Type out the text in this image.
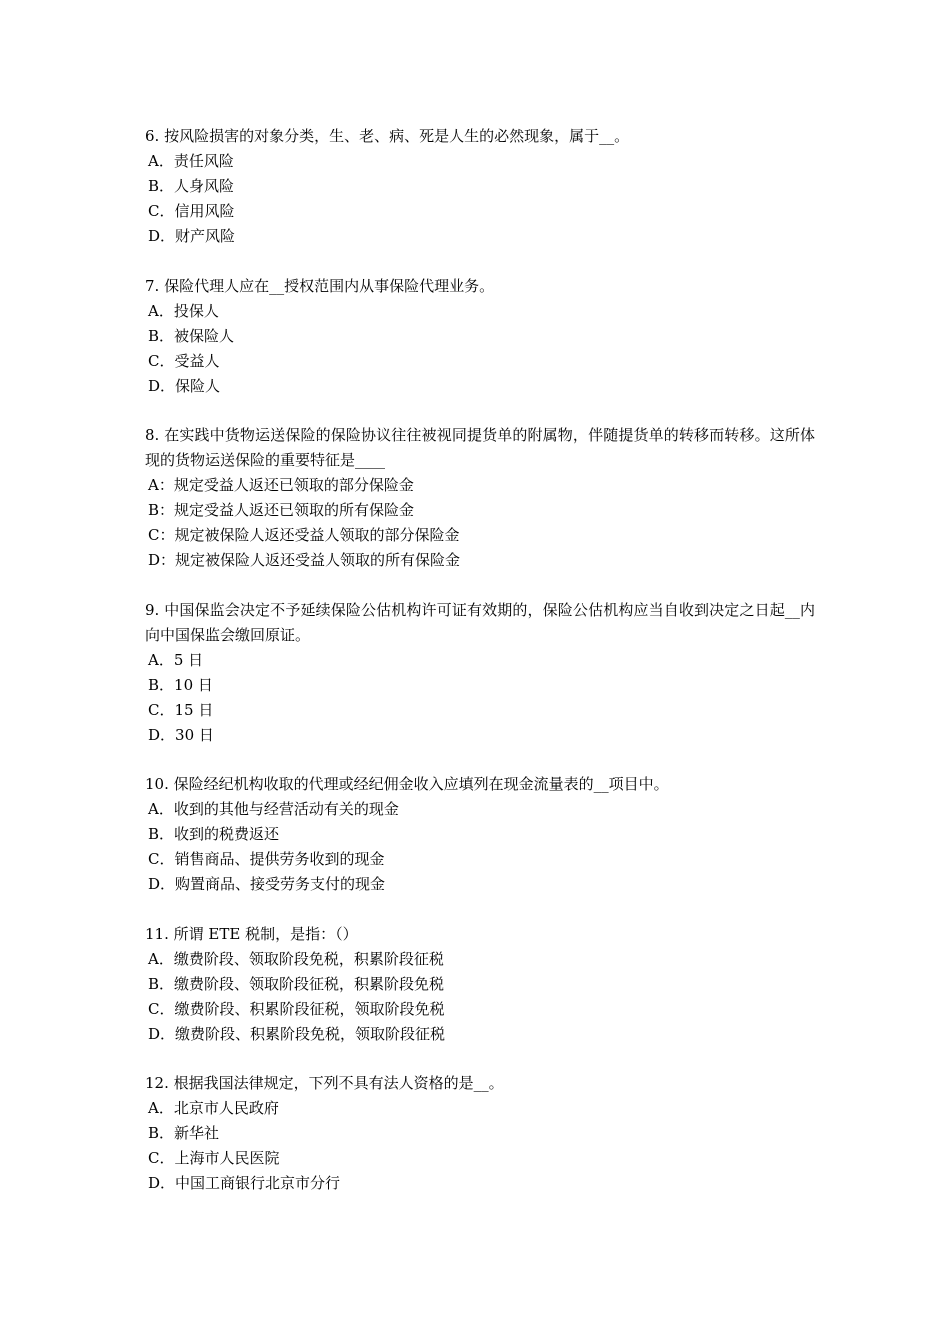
6. 按风险损害的对象分类，生、老、病、死是人生的必然现象，属于__。

A．责任风险

B．人身风险

C．信用风险

D．财产风险

7. 保险代理人应在__授权范围内从事保险代理业务。

A．投保人

B．被保险人

C．受益人

D．保险人

8. 在实践中货物运送保险的保险协议往往被视同提货单的附属物，伴随提货单的转移而转移。这所体现的货物运送保险的重要特征是____

A：规定受益人返还已领取的部分保险金

B：规定受益人返还已领取的所有保险金

C：规定被保险人返还受益人领取的部分保险金

D：规定被保险人返还受益人领取的所有保险金

9. 中国保监会决定不予延续保险公估机构许可证有效期的，保险公估机构应当自收到决定之日起__内向中国保监会缴回原证。

A．5 日

B．10 日

C．15 日

D．30 日

10. 保险经纪机构收取的代理或经纪佣金收入应填列在现金流量表的__项目中。

A．收到的其他与经营活动有关的现金

B．收到的税费返还

C．销售商品、提供劳务收到的现金

D．购置商品、接受劳务支付的现金

11. 所谓 ETE 税制，是指：（）

A．缴费阶段、领取阶段免税，积累阶段征税

B．缴费阶段、领取阶段征税，积累阶段免税

C．缴费阶段、积累阶段征税，领取阶段免税

D．缴费阶段、积累阶段免税，领取阶段征税

12. 根据我国法律规定，下列不具有法人资格的是__。

A．北京市人民政府

B．新华社

C．上海市人民医院

D．中国工商银行北京市分行
